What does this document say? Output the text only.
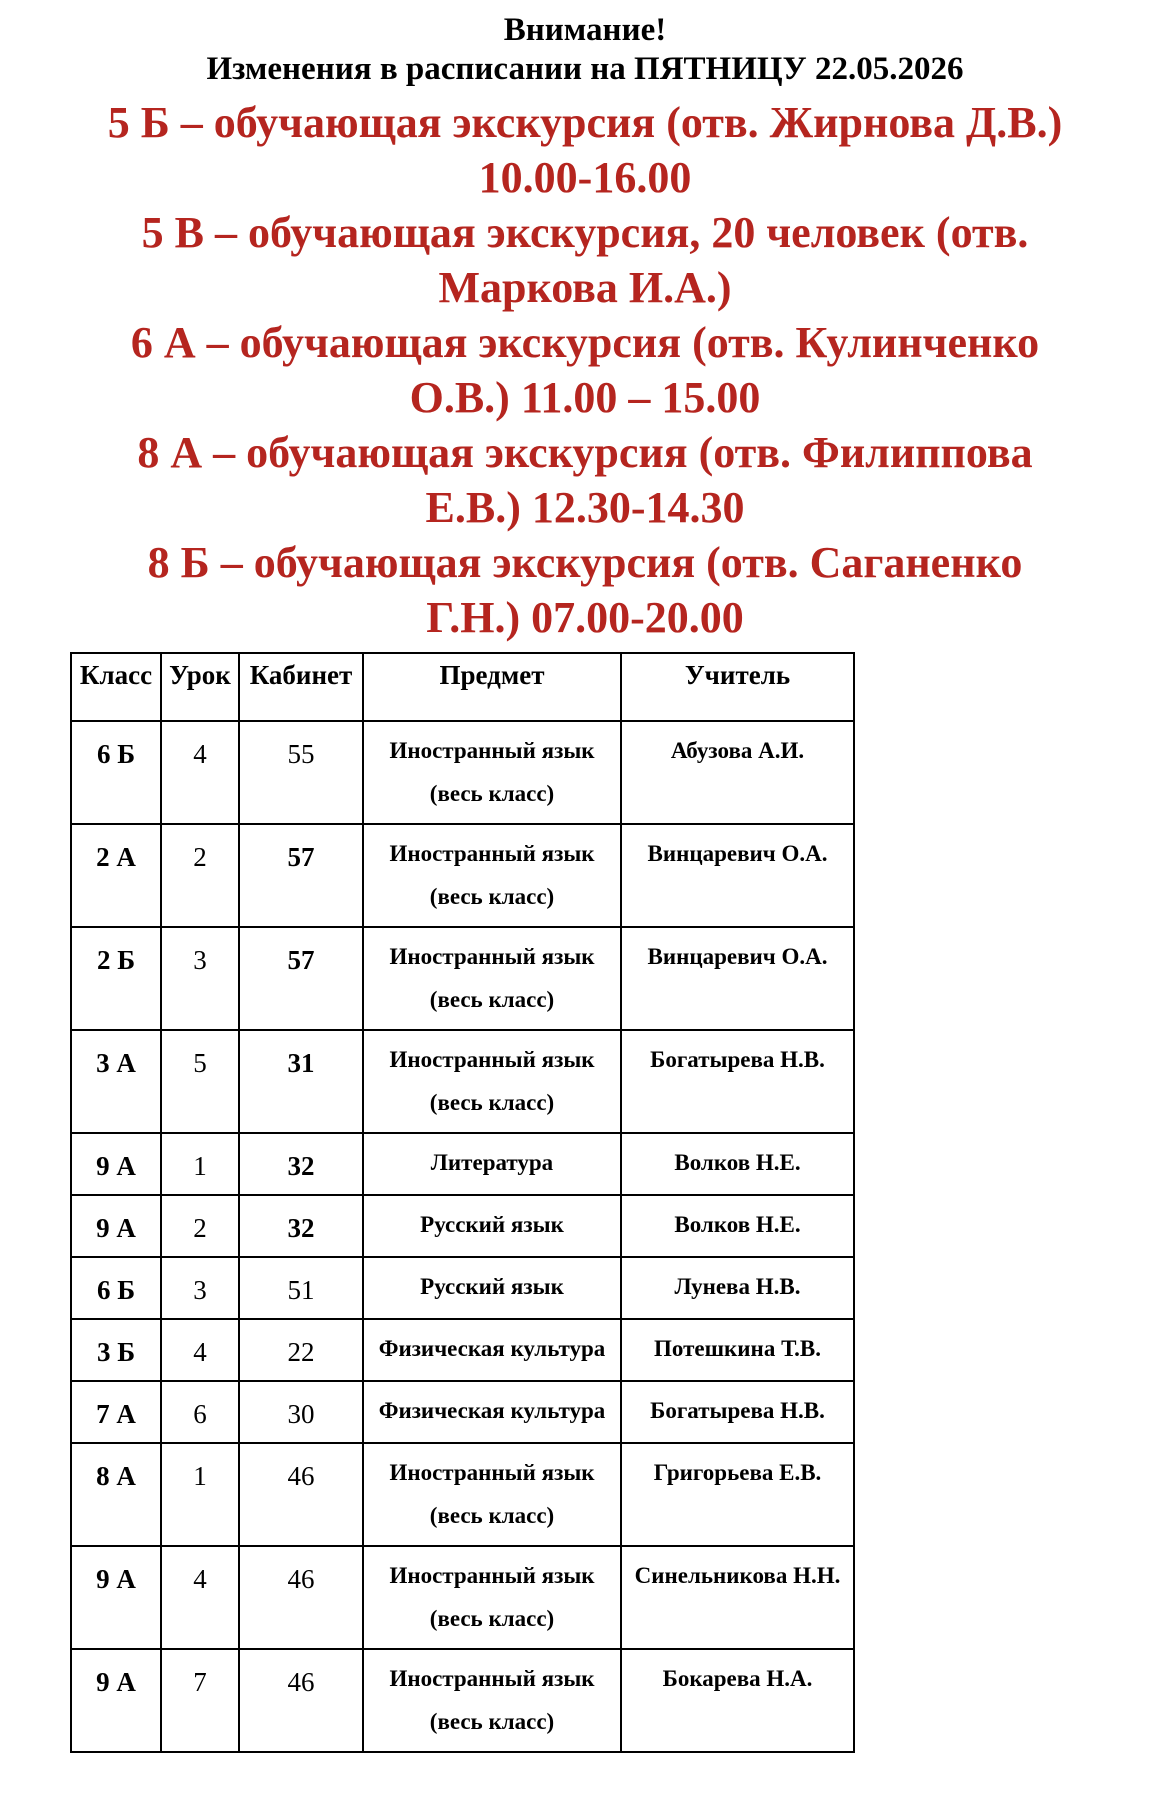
Внимание!
Изменения в расписании на ПЯТНИЦУ 22.05.2026
5 Б – обучающая экскурсия (отв. Жирнова Д.В.)
10.00-16.00
5 В – обучающая экскурсия, 20 человек (отв.
Маркова И.А.)
6 А – обучающая экскурсия (отв. Кулинченко
О.В.) 11.00 – 15.00
8 А – обучающая экскурсия (отв. Филиппова
Е.В.) 12.30-14.30
8 Б – обучающая экскурсия (отв. Саганенко
Г.Н.) 07.00-20.00
Класс	Урок	Кабинет	Предмет	Учитель

6 Б	4	55	Иностранный язык
(весь класс)	Абузова А.И.

2 А	2	57	Иностранный язык
(весь класс)	Винцаревич О.А.

2 Б	3	57	Иностранный язык
(весь класс)	Винцаревич О.А.

3 А	5	31	Иностранный язык
(весь класс)	Богатырева Н.В.

9 А	1	32	Литература	Волков Н.Е.

9 А	2	32	Русский язык	Волков Н.Е.

6 Б	3	51	Русский язык	Лунева Н.В.

3 Б	4	22	Физическая культура	Потешкина Т.В.

7 А	6	30	Физическая культура	Богатырева Н.В.

8 А	1	46	Иностранный язык
(весь класс)	Григорьева Е.В.

9 А	4	46	Иностранный язык
(весь класс)	Синельникова Н.Н.

9 А	7	46	Иностранный язык
(весь класс)	Бокарева Н.А.
